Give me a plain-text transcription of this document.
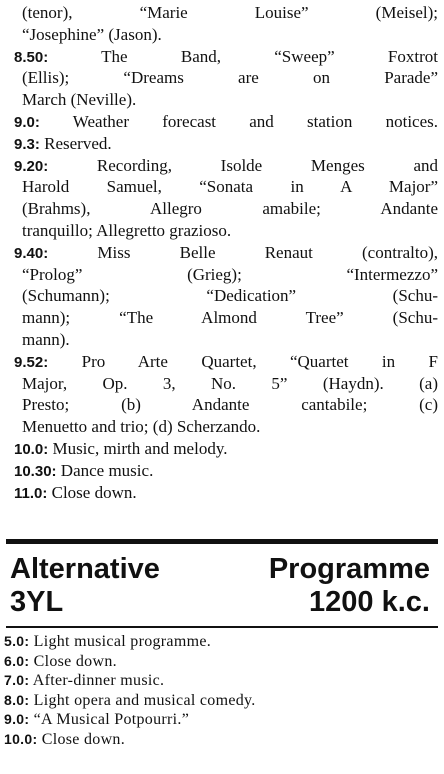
(tenor), “Marie Louise” (Meisel);
“Josephine” (Jason).
8.50:	The Band, “Sweep” Foxtrot
(Ellis); “Dreams are on Parade”
March (Neville).
9.0: Weather forecast and station notices.
9.3: Reserved.
9.20:	Recording, Isolde Menges and
Harold Samuel, “Sonata in A Major”
(Brahms), Allegro amabile; Andante
tranquillo; Allegretto grazioso.
9.40:	Miss Belle Renaut (contralto),
“Prolog” (Grieg); “Intermezzo”
(Schumann); “Dedication” (Schu-
mann); “The Almond Tree” (Schu-
mann).
9.52: Pro Arte Quartet, “Quartet in F
Major, Op. 3, No. 5” (Haydn). (a)
Presto; (b) Andante cantabile; (c)
Menuetto and trio; (d) Scherzando.
10.0: Music, mirth and melody.
10.30: Dance music.
11.0: Close down.
Alternative	Programme
3YL	1200 k.c.
5.0: Light musical programme.
6.0: Close down.
7.0: After-dinner music.
8.0: Light opera and musical comedy.
9.0: “A Musical Potpourri.”
10.0: Close down.
